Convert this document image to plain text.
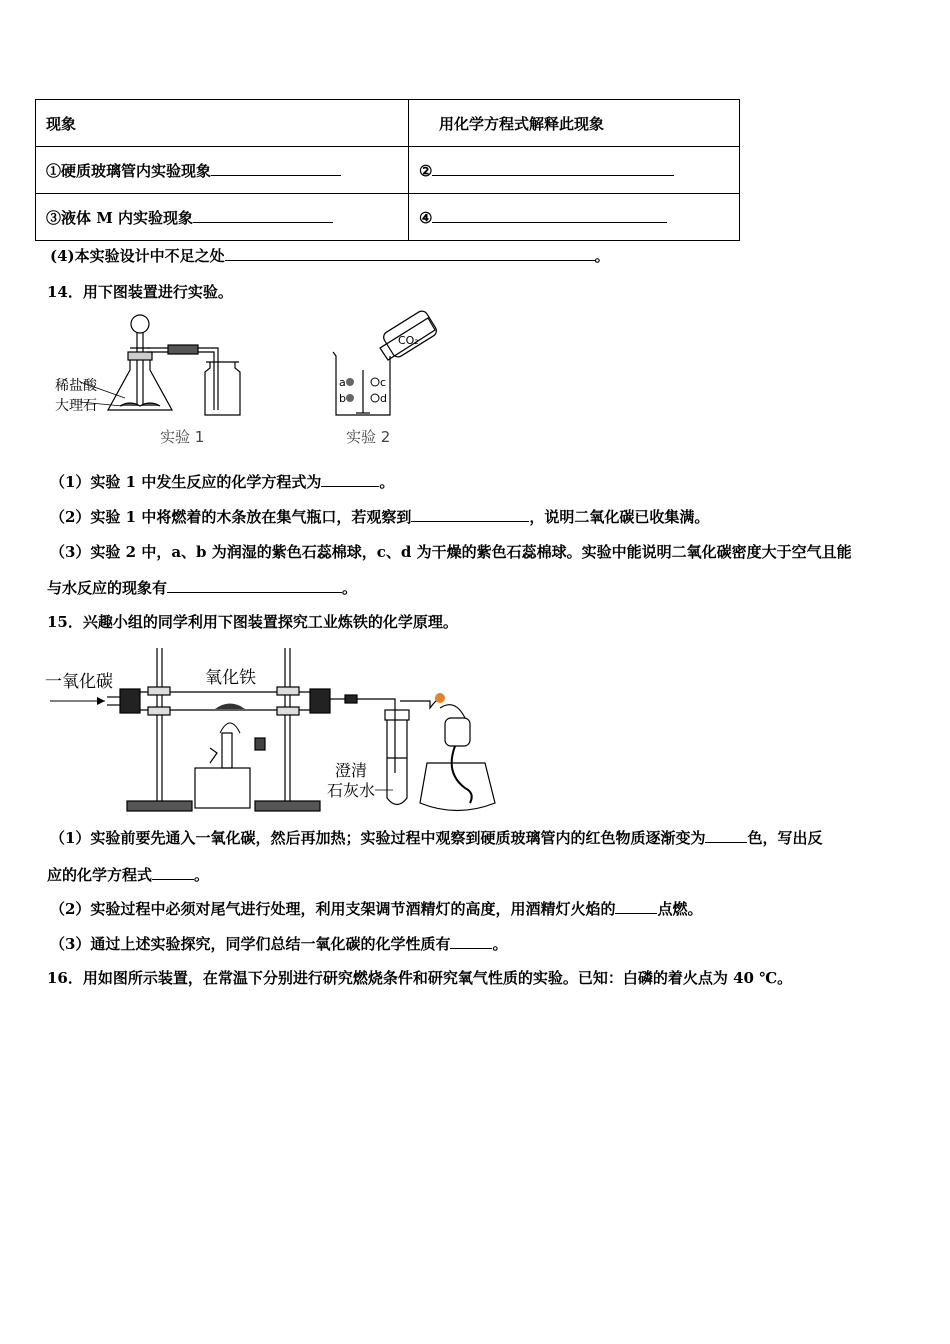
现象	用化学方程式解释此现象
①硬质玻璃管内实验现象	②
③液体 M 内实验现象	④
(4)本实验设计中不足之处	。
14．用下图装置进行实验。
稀盐酸
大理石
实验 1
a
b
c
d
CO₂
实验 2
（1）实验 1 中发生反应的化学方程式为	。
（2）实验 1 中将燃着的木条放在集气瓶口，若观察到	，说明二氧化碳已收集满。
（3）实验 2 中，a、b 为润湿的紫色石蕊棉球，c、d 为干燥的紫色石蕊棉球。实验中能说明二氧化碳密度大于空气且能
与水反应的现象有	。
15．兴趣小组的同学利用下图装置探究工业炼铁的化学原理。
一氧化碳	氧化铁
澄清
石灰水
（1）实验前要先通入一氧化碳，然后再加热；实验过程中观察到硬质玻璃管内的红色物质逐渐变为	色，写出反
应的化学方程式	。
（2）实验过程中必须对尾气进行处理，利用支架调节酒精灯的高度，用酒精灯火焰的	点燃。
（3）通过上述实验探究，同学们总结一氧化碳的化学性质有	。
16．用如图所示装置，在常温下分别进行研究燃烧条件和研究氧气性质的实验。已知：白磷的着火点为 40 ℃。
